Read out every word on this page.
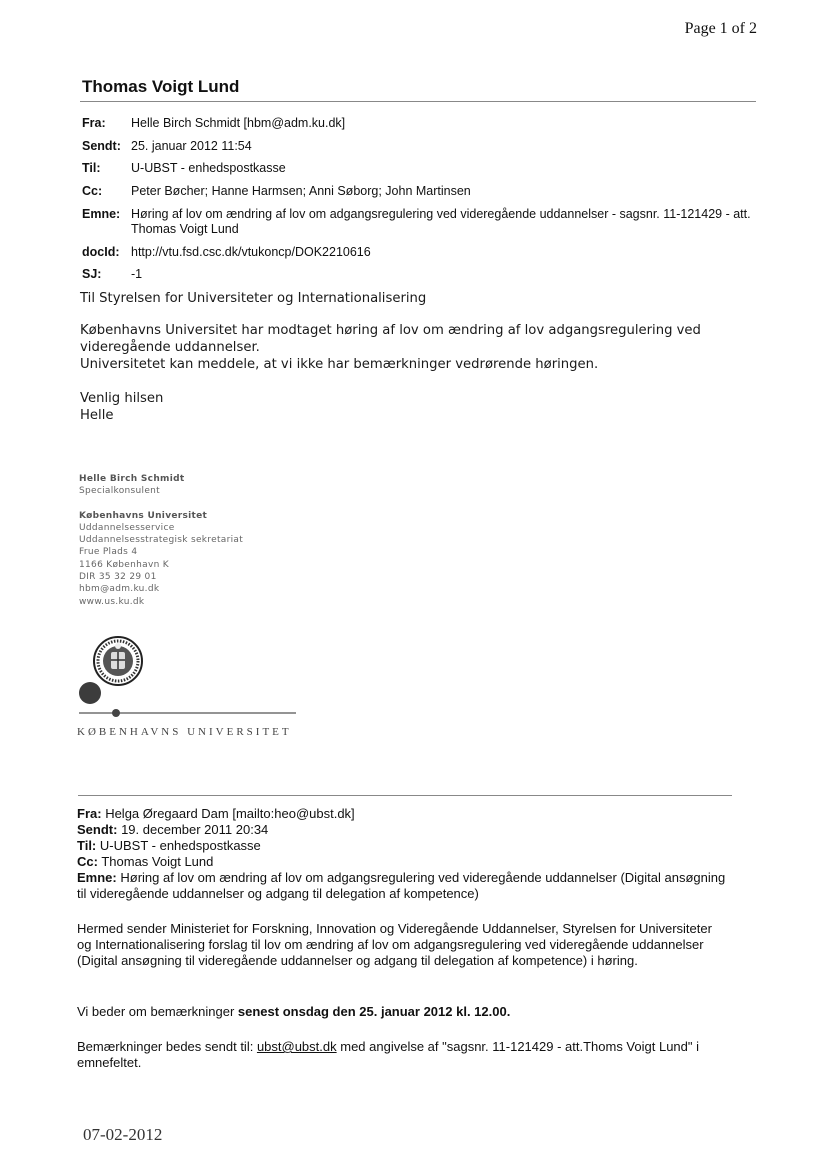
Page 1 of 2
Thomas Voigt Lund
Fra:	Helle Birch Schmidt [hbm@adm.ku.dk]
Sendt: 25. januar 2012 11:54
Til:	U-UBST - enhedspostkasse
Cc:	Peter Bøcher; Hanne Harmsen; Anni Søborg; John Martinsen
Emne: Høring af lov om ændring af lov om adgangsregulering ved videregående uddannelser - sagsnr. 11-121429 - att. Thomas Voigt Lund
docId: http://vtu.fsd.csc.dk/vtukoncp/DOK2210616
SJ:	-1
Til Styrelsen for Universiteter og Internationalisering
Københavns Universitet har modtaget høring af lov om ændring af lov adgangsregulering ved videregående uddannelser.
Universitetet kan meddele, at vi ikke har bemærkninger vedrørende høringen.
Venlig hilsen
Helle
Helle Birch Schmidt
Specialkonsulent
Københavns Universitet
Uddannelsesservice
Uddannelsesstrategisk sekretariat
Frue Plads 4
1166 København K
DIR 35 32 29 01
hbm@adm.ku.dk
www.us.ku.dk
KØBENHAVNS UNIVERSITET
Fra: Helga Øregaard Dam [mailto:heo@ubst.dk]
Sendt: 19. december 2011 20:34
Til: U-UBST - enhedspostkasse
Cc: Thomas Voigt Lund
Emne: Høring af lov om ændring af lov om adgangsregulering ved videregående uddannelser (Digital ansøgning til videregående uddannelser og adgang til delegation af kompetence)
Hermed sender Ministeriet for Forskning, Innovation og Videregående Uddannelser, Styrelsen for Universiteter og Internationalisering forslag til lov om ændring af lov om adgangsregulering ved videregående uddannelser (Digital ansøgning til videregående uddannelser og adgang til delegation af kompetence) i høring.
Vi beder om bemærkninger senest onsdag den 25. januar 2012 kl. 12.00.
Bemærkninger bedes sendt til: ubst@ubst.dk med angivelse af "sagsnr. 11-121429 - att.Thoms Voigt Lund" i emnefeltet.
07-02-2012
